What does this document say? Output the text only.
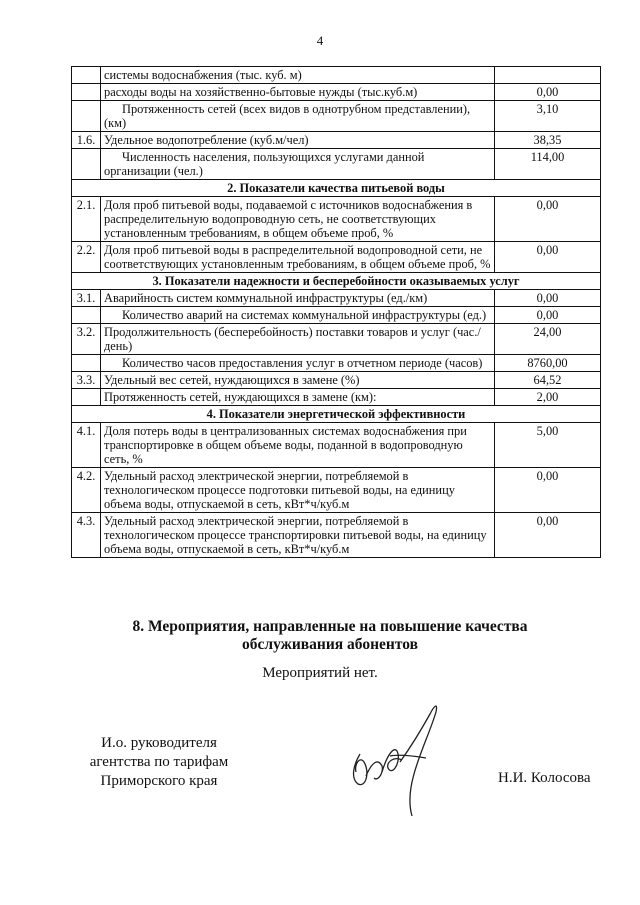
4
	системы водоснабжения (тыс. куб. м)	
	расходы воды на хозяйственно-бытовые нужды (тыс.куб.м)	0,00
	Протяженность сетей (всех видов в однотрубном представлении), (км)	3,10
1.6.	Удельное водопотребление (куб.м/чел)	38,35
	Численность населения, пользующихся услугами данной организации (чел.)	114,00
2. Показатели качества питьевой воды		
2.1.	Доля проб питьевой воды, подаваемой с источников водоснабжения в распределительную водопроводную сеть, не соответствующих установленным требованиям, в общем объеме проб, %	0,00
2.2.	Доля проб питьевой воды в распределительной водопроводной сети, не соответствующих установленным требованиям, в общем объеме проб, %	0,00
3. Показатели надежности и бесперебойности оказываемых услуг		
3.1.	Аварийность систем коммунальной инфраструктуры (ед./км)	0,00
	Количество аварий на системах коммунальной инфраструктуры (ед.)	0,00
3.2.	Продолжительность (бесперебойность) поставки товаров и услуг (час./день)	24,00
	Количество часов предоставления услуг в отчетном периоде (часов)	8760,00
3.3.	Удельный вес сетей, нуждающихся в замене (%)	64,52
	Протяженность сетей, нуждающихся в замене (км):	2,00
4. Показатели энергетической эффективности		
4.1.	Доля потерь воды в централизованных системах водоснабжения при транспортировке в общем объеме воды, поданной в водопроводную сеть, %	5,00
4.2.	Удельный расход электрической энергии, потребляемой в технологическом процессе подготовки питьевой воды, на единицу объема воды, отпускаемой в сеть, кВт*ч/куб.м	0,00
4.3.	Удельный расход электрической энергии, потребляемой в технологическом процессе транспортировки питьевой воды, на единицу объема воды, отпускаемой в сеть, кВт*ч/куб.м	0,00
8. Мероприятия, направленные на повышение качества
обслуживания абонентов
Мероприятий нет.
И.о. руководителя
агентства по тарифам
Приморского края	Н.И. Колосова
